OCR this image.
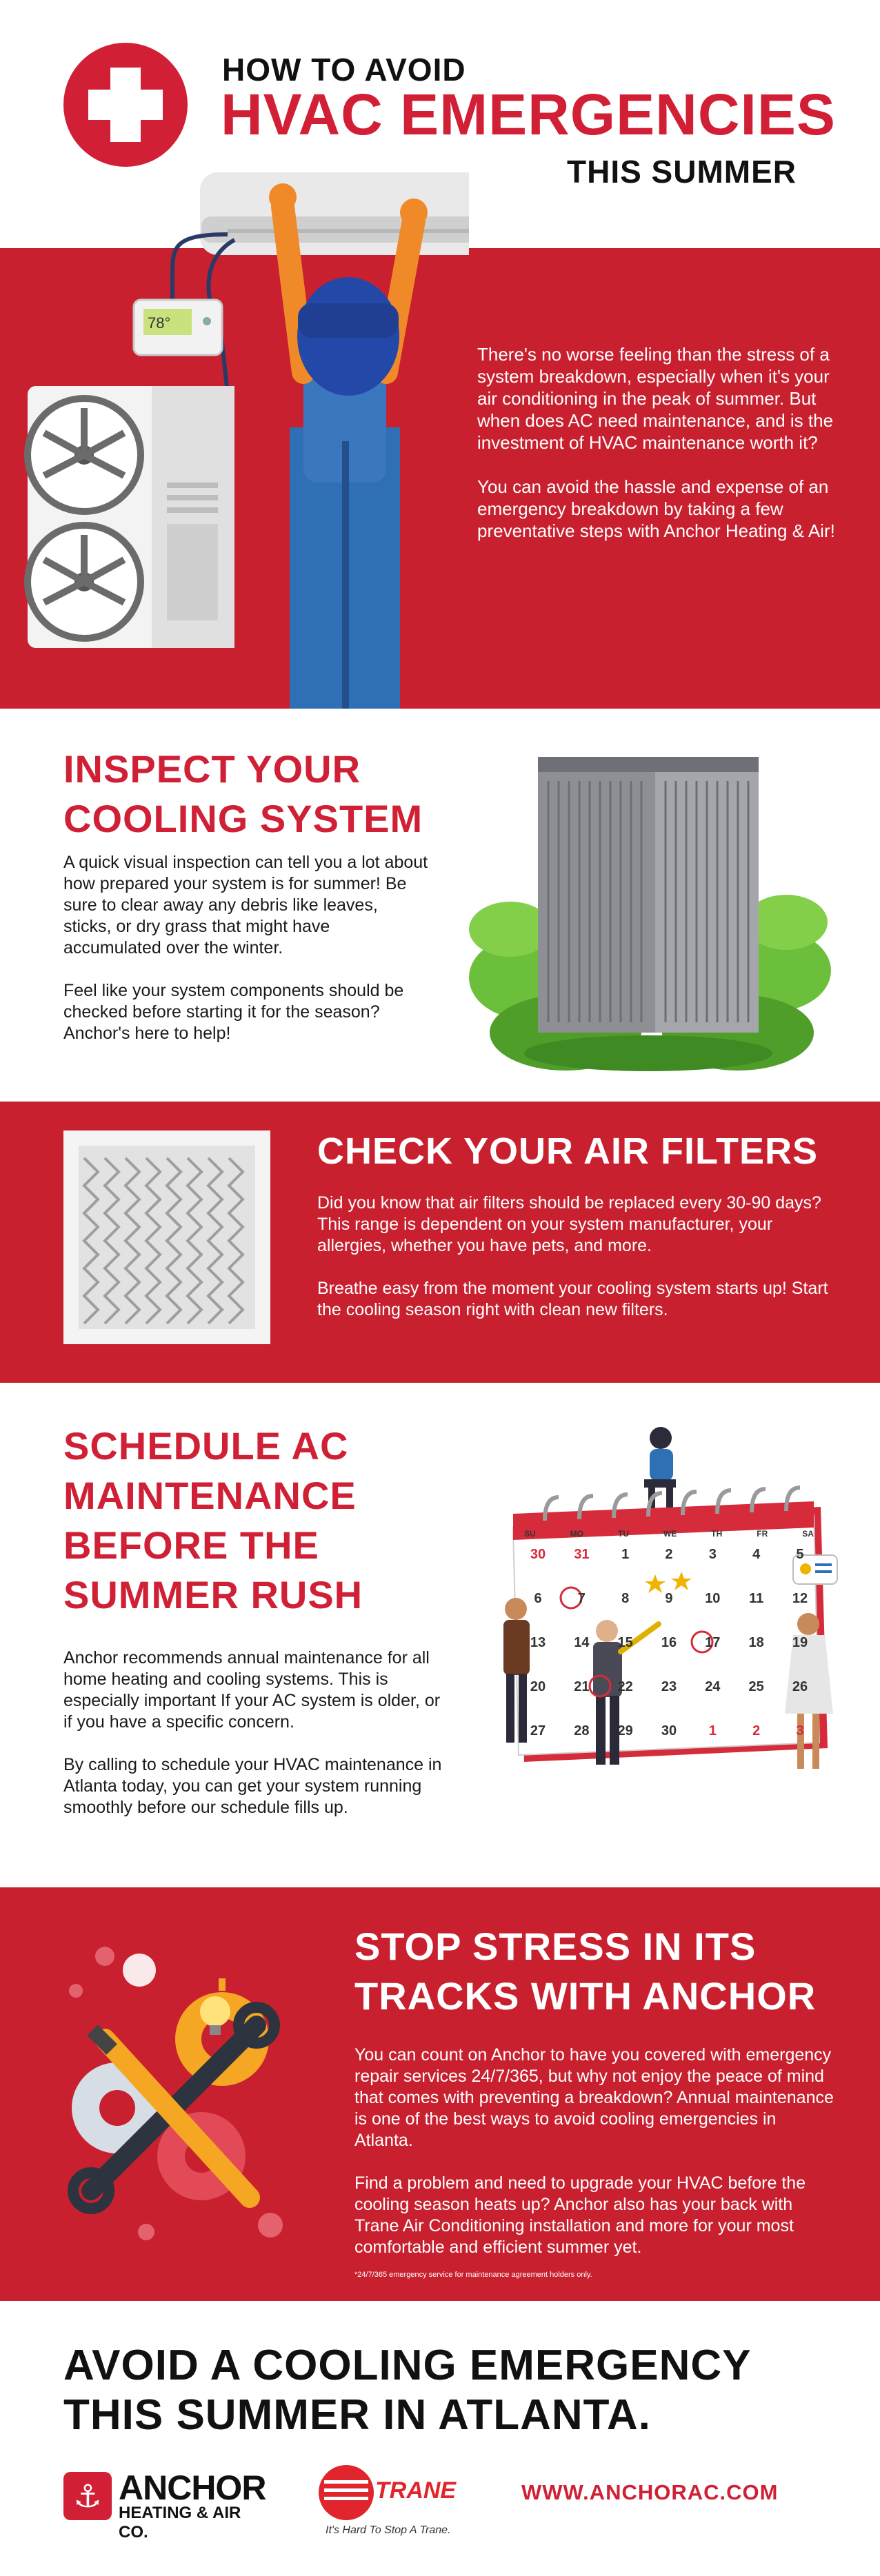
HOW TO AVOID
HVAC EMERGENCIES
THIS SUMMER
78°

There's no worse feeling than the stress of a system breakdown, especially when it's your air conditioning in the peak of summer. But when does AC need maintenance, and is the investment of HVAC maintenance worth it?

You can avoid the hassle and expense of an emergency breakdown by taking a few preventative steps with Anchor Heating & Air!

INSPECT YOUR
COOLING SYSTEM

A quick visual inspection can tell you a lot about how prepared your system is for summer! Be sure to clear away any debris like leaves, sticks, or dry grass that might have accumulated over the winter.

Feel like your system components should be checked before starting it for the season? Anchor's here to help!

CHECK YOUR AIR FILTERS

Did you know that air filters should be replaced every 30-90 days? This range is dependent on your system manufacturer, your allergies, whether you have pets, and more.

Breathe easy from the moment your cooling system starts up! Start the cooling season right with clean new filters.

SCHEDULE AC
MAINTENANCE
BEFORE THE
SUMMER RUSH

Anchor recommends annual maintenance for all home heating and cooling systems. This is especially important If your AC system is older, or if you have a specific concern.

By calling to schedule your HVAC maintenance in Atlanta today, you can get your system running smoothly before our schedule fills up.

SU	MO	TU	WE	TH	FR	SA
30	31	1	2	3	4	5
6	7	8	9	10	11	12
13	14	15	16	17	18	19
20	21	22	23	24	25	26
27	28	29	30	1	2	3
STOP STRESS IN ITS
TRACKS WITH ANCHOR

You can count on Anchor to have you covered with emergency repair services 24/7/365, but why not enjoy the peace of mind that comes with preventing a breakdown? Annual maintenance is one of the best ways to avoid cooling emergencies in Atlanta.

Find a problem and need to upgrade your HVAC before the cooling season heats up? Anchor also has your back with Trane Air Conditioning installation and more for your most comfortable and efficient summer yet.

*24/7/365 emergency service for maintenance agreement holders only.

AVOID A COOLING EMERGENCY
THIS SUMMER IN ATLANTA.
⚓ ANCHOR
HEATING & AIR CO.
TRANE
It's Hard To Stop A Trane.
WWW.ANCHORAC.COM
